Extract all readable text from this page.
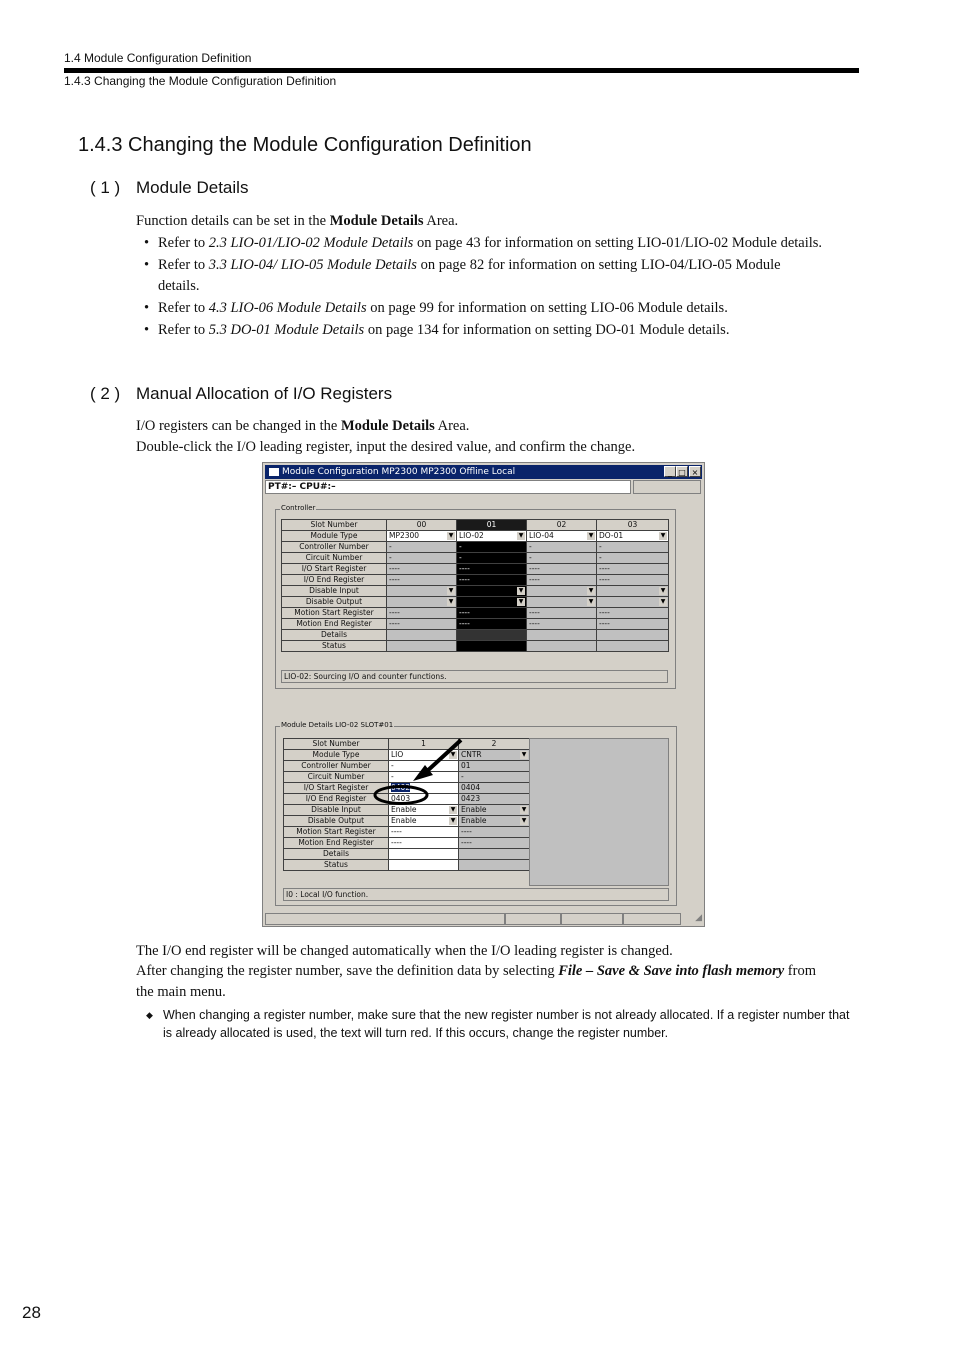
1.4 Module Configuration Definition
1.4.3 Changing the Module Configuration Definition
1.4.3 Changing the Module Configuration Definition
( 1 ) Module Details

Function details can be set in the Module Details Area.

• Refer to 2.3 LIO-01/LIO-02 Module Details on page 43 for information on setting LIO-01/LIO-02 Module details.
• Refer to 3.3 LIO-04/ LIO-05 Module Details on page 82 for information on setting LIO-04/LIO-05 Module details.
• Refer to 4.3 LIO-06 Module Details on page 99 for information on setting LIO-06 Module details.
• Refer to 5.3 DO-01 Module Details on page 134 for information on setting DO-01 Module details.
( 2 ) Manual Allocation of I/O Registers

I/O registers can be changed in the Module Details Area.

Double-click the I/O leading register, input the desired value, and confirm the change.

Module Configuration MP2300 MP2300 Offline Local	_ □ ×
PT#:– CPU#:–
Controller
Slot Number	00	01	02	03
Module Type	MP2300 ▼	LIO-02 ▼	LIO-04 ▼	DO-01 ▼

Controller Number	-	-	-	-
Circuit Number	-	-	-	-
I/O Start Register	----	----	----	----
I/O End Register	----	----	----	----
Disable Input	▼	▼	▼	▼

Disable Output	▼	▼	▼	▼

Motion Start Register	----	----	----	----
Motion End Register	----	----	----	----
Details				
Status				
LIO-02: Sourcing I/O and counter functions.
Module Details LIO-02 SLOT#01
Slot Number	1	2
Module Type	LIO ▼	CNTR ▼

Controller Number	-	01
Circuit Number	-	-
I/O Start Register	0402	0404
I/O End Register	0403	0423
Disable Input	Enable ▼	Enable ▼

Disable Output	Enable ▼	Enable ▼

Motion Start Register	----	----
Motion End Register	----	----
Details		
Status		
I0 : Local I/O function.
◢

The I/O end register will be changed automatically when the I/O leading register is changed.

After changing the register number, save the definition data by selecting File – Save & Save into flash memory from

the main menu.

◆ When changing a register number, make sure that the new register number is not already allocated. If a register number that is already allocated is used, the text will turn red. If this occurs, change the register number.
28
